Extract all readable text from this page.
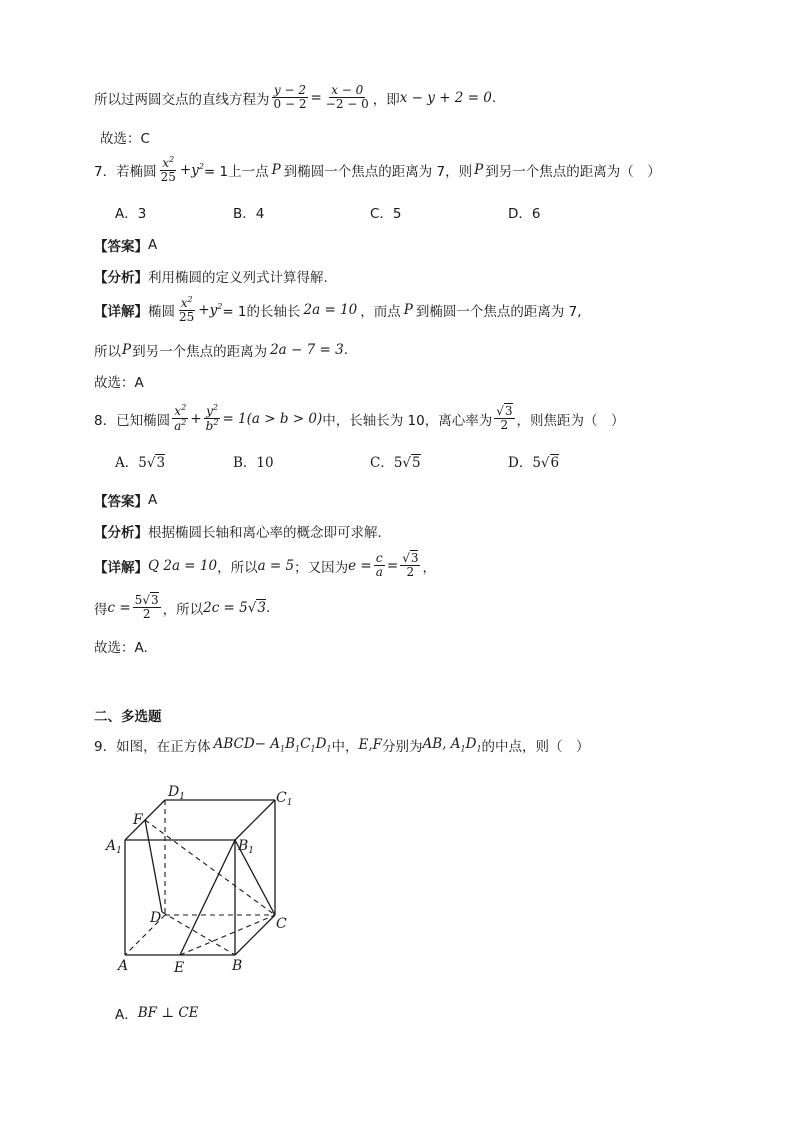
所以过两圆交点的直线方程为 $\frac{y - 2}{0 - 2} = \frac{x - 0}{-2 - 0}$ ，即 x − y + 2 = 0 .
故选：C
7．若椭圆 $\frac{x^2}{25} + y^2 = 1$上一点 P 到椭圆一个焦点的距离为 7，则 P 到另一个焦点的距离为（　）
A．3	B．4	C．5	D．6
【答案】 A
【分析】 利用椭圆的定义列式计算得解.
【详解】 椭圆 $\frac{x^2}{25} + y^2 = 1$的长轴长 2a = 10 ，而点 P 到椭圆一个焦点的距离为 7,
所以 P 到另一个焦点的距离为 2a − 7 = 3 .
故选：A
8．已知椭圆 $\frac{x^2}{a^2} + \frac{y^2}{b^2} = 1(a > b > 0)$ 中，长轴长为 10，离心率为 $\frac{√3}{2}$ ，则焦距为（　）
A．5√3	B．10	C．5√5	D．5√6
【答案】 A
【分析】 根据椭圆长轴和离心率的概念即可求解.
【详解】 Q 2a = 10 ，所以 a = 5 ；又因为 $e = \frac{c}{a} = \frac{√3}{2}$ ，
得 $c = \frac{5√3}{2}$ ，所以 2c = 5√3 .
故选：A.
二、多选题
9．如图，在正方体 ABCD− $A_1B_1C_1D_1$ 中， E,F 分别为 AB, $A_1D_1$ 的中点，则（　）
$D_1$	$C_1$
F
$A_1$	$B_1$
D	C
A	E	B
A． BF ⊥ CE
